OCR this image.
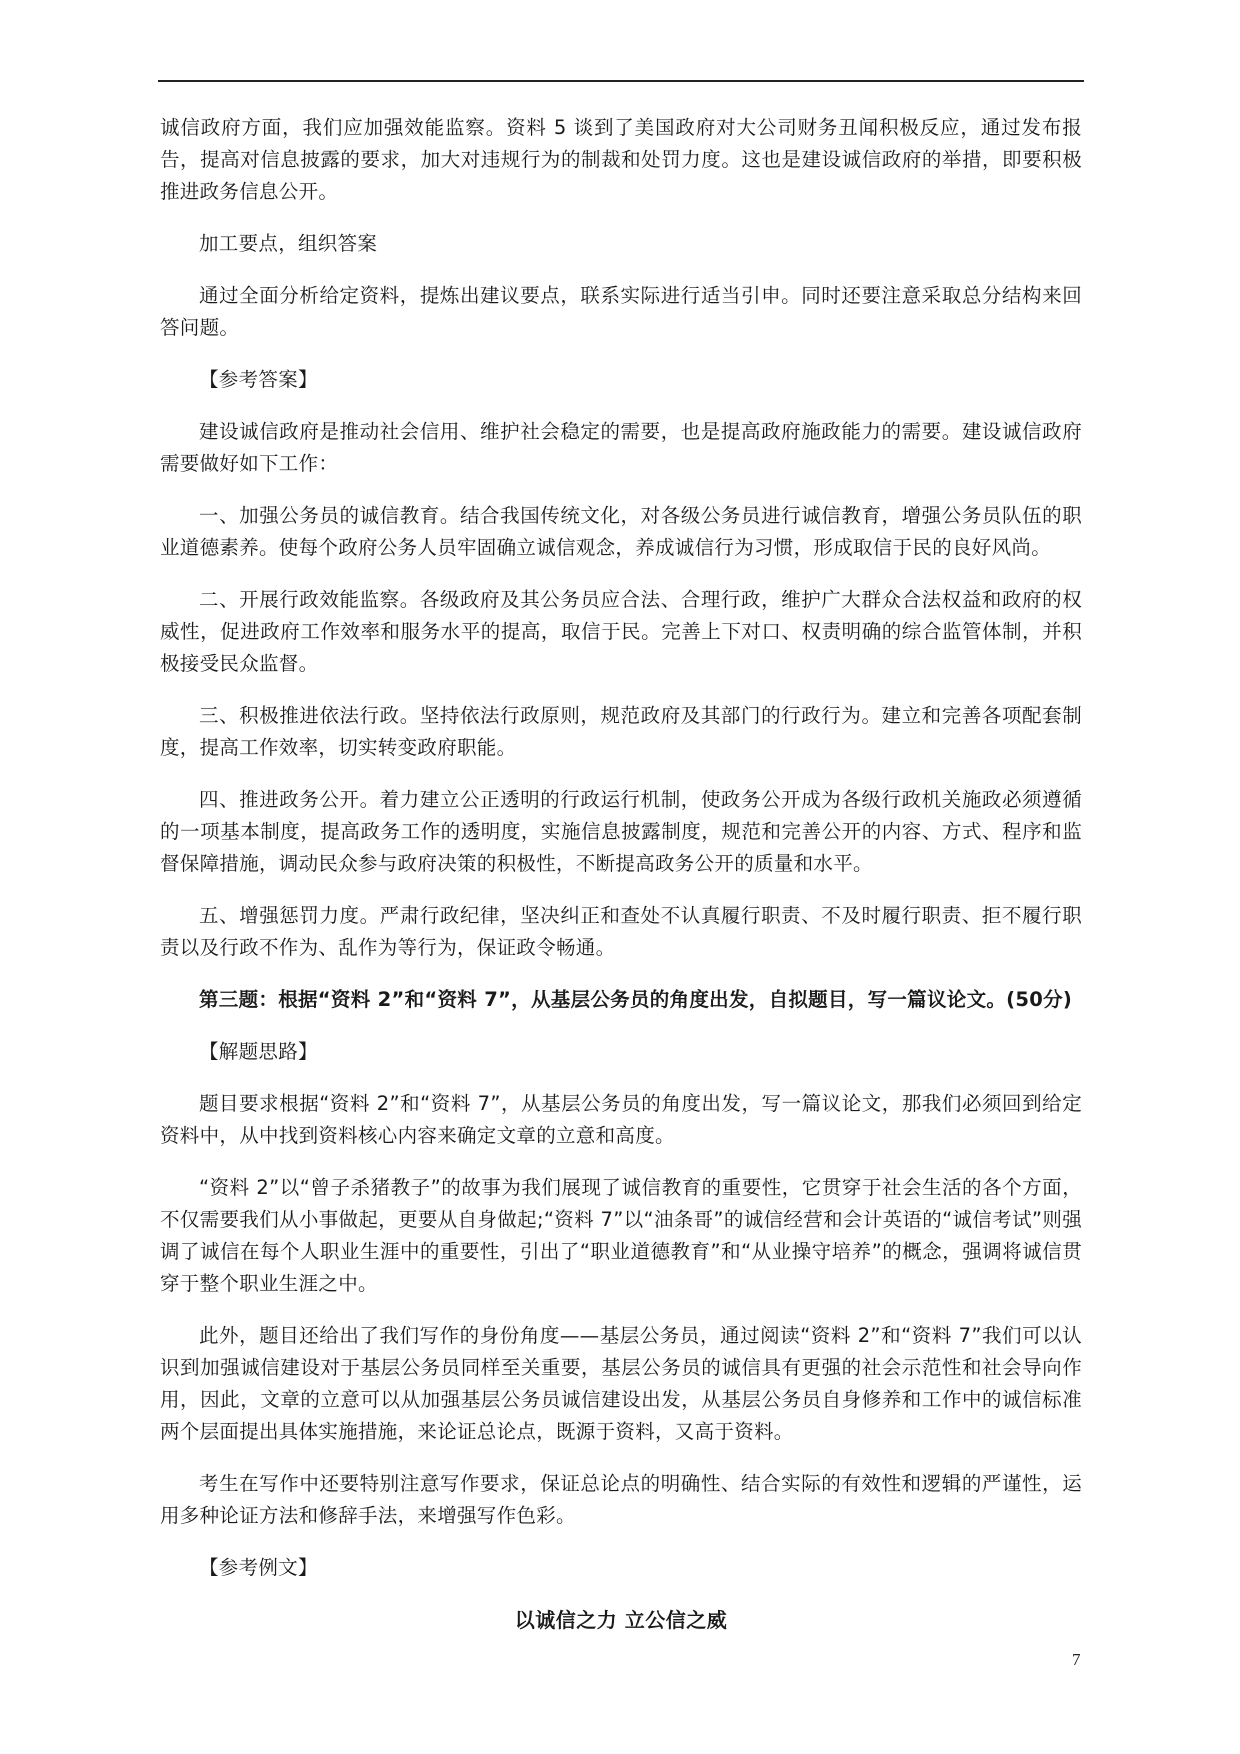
诚信政府方面，我们应加强效能监察。资料 5 谈到了美国政府对大公司财务丑闻积极反应，通过发布报告，提高对信息披露的要求，加大对违规行为的制裁和处罚力度。这也是建设诚信政府的举措，即要积极推进政务信息公开。

加工要点，组织答案

通过全面分析给定资料，提炼出建议要点，联系实际进行适当引申。同时还要注意采取总分结构来回答问题。

【参考答案】

建设诚信政府是推动社会信用、维护社会稳定的需要，也是提高政府施政能力的需要。建设诚信政府需要做好如下工作：

一、加强公务员的诚信教育。结合我国传统文化，对各级公务员进行诚信教育，增强公务员队伍的职业道德素养。使每个政府公务人员牢固确立诚信观念，养成诚信行为习惯，形成取信于民的良好风尚。

二、开展行政效能监察。各级政府及其公务员应合法、合理行政，维护广大群众合法权益和政府的权威性，促进政府工作效率和服务水平的提高，取信于民。完善上下对口、权责明确的综合监管体制，并积极接受民众监督。

三、积极推进依法行政。坚持依法行政原则，规范政府及其部门的行政行为。建立和完善各项配套制度，提高工作效率，切实转变政府职能。

四、推进政务公开。着力建立公正透明的行政运行机制，使政务公开成为各级行政机关施政必须遵循的一项基本制度，提高政务工作的透明度，实施信息披露制度，规范和完善公开的内容、方式、程序和监督保障措施，调动民众参与政府决策的积极性，不断提高政务公开的质量和水平。

五、增强惩罚力度。严肃行政纪律，坚决纠正和查处不认真履行职责、不及时履行职责、拒不履行职责以及行政不作为、乱作为等行为，保证政令畅通。

第三题：根据“资料 2”和“资料 7”，从基层公务员的角度出发，自拟题目，写一篇议论文。(50分)

【解题思路】

题目要求根据“资料 2”和“资料 7”，从基层公务员的角度出发，写一篇议论文，那我们必须回到给定资料中，从中找到资料核心内容来确定文章的立意和高度。

“资料 2”以“曾子杀猪教子”的故事为我们展现了诚信教育的重要性，它贯穿于社会生活的各个方面，不仅需要我们从小事做起，更要从自身做起;“资料 7”以“油条哥”的诚信经营和会计英语的“诚信考试”则强调了诚信在每个人职业生涯中的重要性，引出了“职业道德教育”和“从业操守培养”的概念，强调将诚信贯穿于整个职业生涯之中。

此外，题目还给出了我们写作的身份角度——基层公务员，通过阅读“资料 2”和“资料 7”我们可以认识到加强诚信建设对于基层公务员同样至关重要，基层公务员的诚信具有更强的社会示范性和社会导向作用，因此，文章的立意可以从加强基层公务员诚信建设出发，从基层公务员自身修养和工作中的诚信标准两个层面提出具体实施措施，来论证总论点，既源于资料，又高于资料。

考生在写作中还要特别注意写作要求，保证总论点的明确性、结合实际的有效性和逻辑的严谨性，运用多种论证方法和修辞手法，来增强写作色彩。

【参考例文】

以诚信之力 立公信之威

7
